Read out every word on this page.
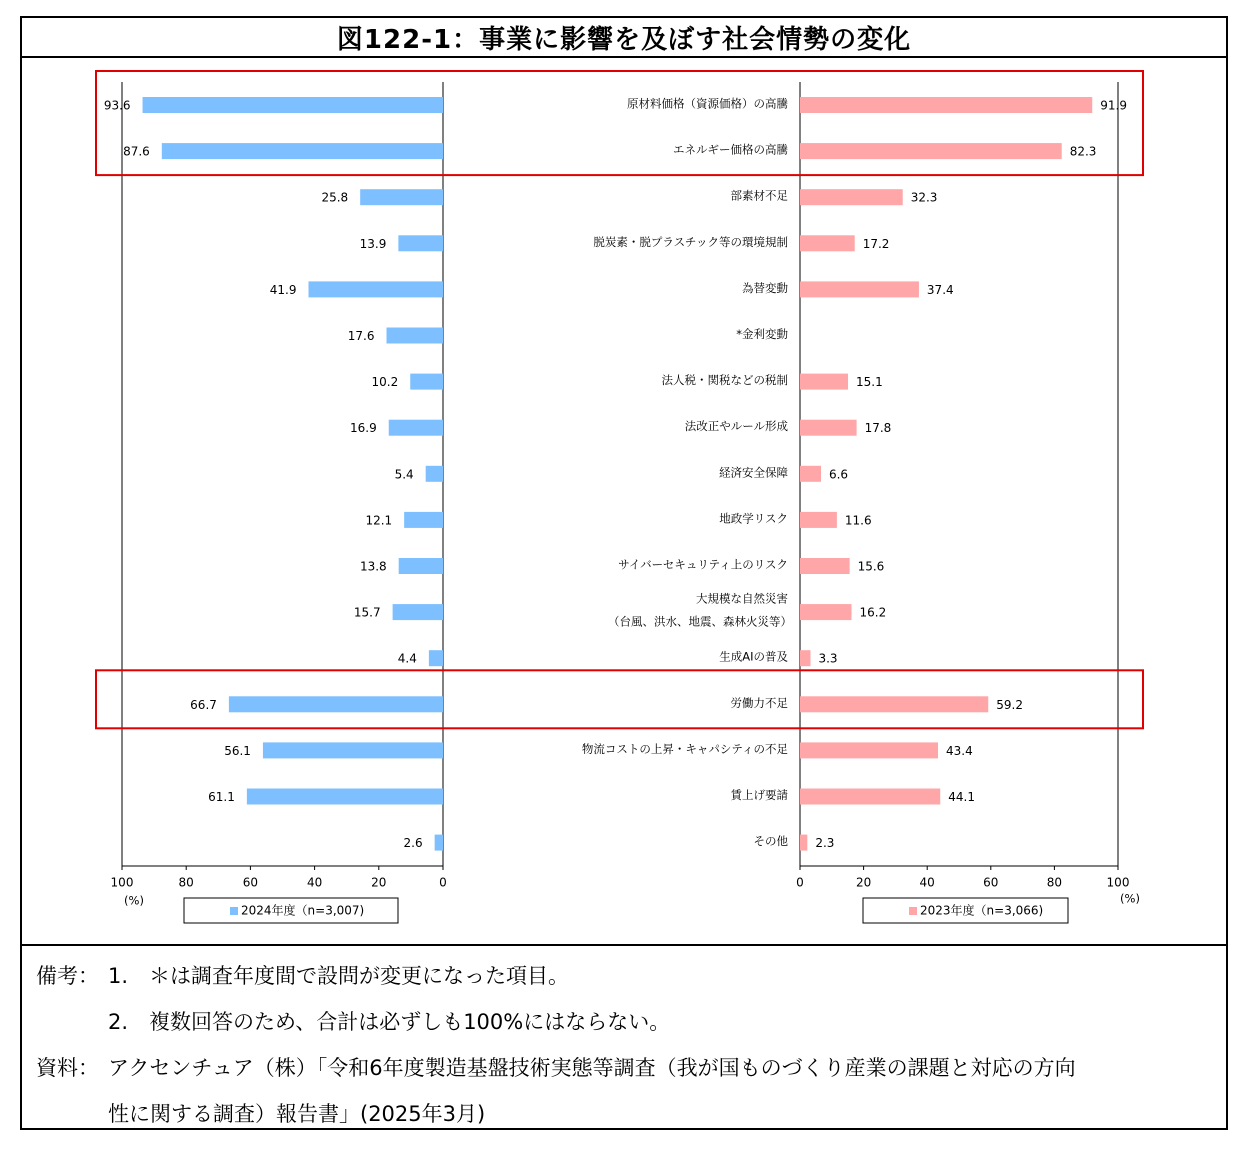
図122-1：事業に影響を及ぼす社会情勢の変化
93.6	91.9
原材料価格（資源価格）の高騰
87.6	82.3
エネルギー価格の高騰
25.8	32.3
部素材不足
13.9	17.2
脱炭素・脱プラスチック等の環境規制
41.9	37.4
為替変動
17.6	*金利変動
10.2	15.1
法人税・関税などの税制
16.9	17.8
法改正やルール形成
5.4	6.6
経済安全保障
12.1	11.6
地政学リスク
13.8	15.6
サイバーセキュリティ上のリスク
15.7	16.2
大規模な自然災害
（台風、洪水、地震、森林火災等）
4.4	3.3
生成AIの普及
66.7	59.2
労働力不足
56.1	43.4
物流コストの上昇・キャパシティの不足
61.1	44.1
賃上げ要請
2.6	2.3
その他
100	80	60	40	20	0	0	20	40	60	80	100
(%)	(%)
2024年度（n=3,007)	2023年度（n=3,066)
備考： 1.　＊は調査年度間で設問が変更になった項目。
2.　複数回答のため、合計は必ずしも100%にはならない。
資料： アクセンチュア（株）「令和6年度製造基盤技術実態等調査（我が国ものづくり産業の課題と対応の方向
性に関する調査）報告書」(2025年3月)
